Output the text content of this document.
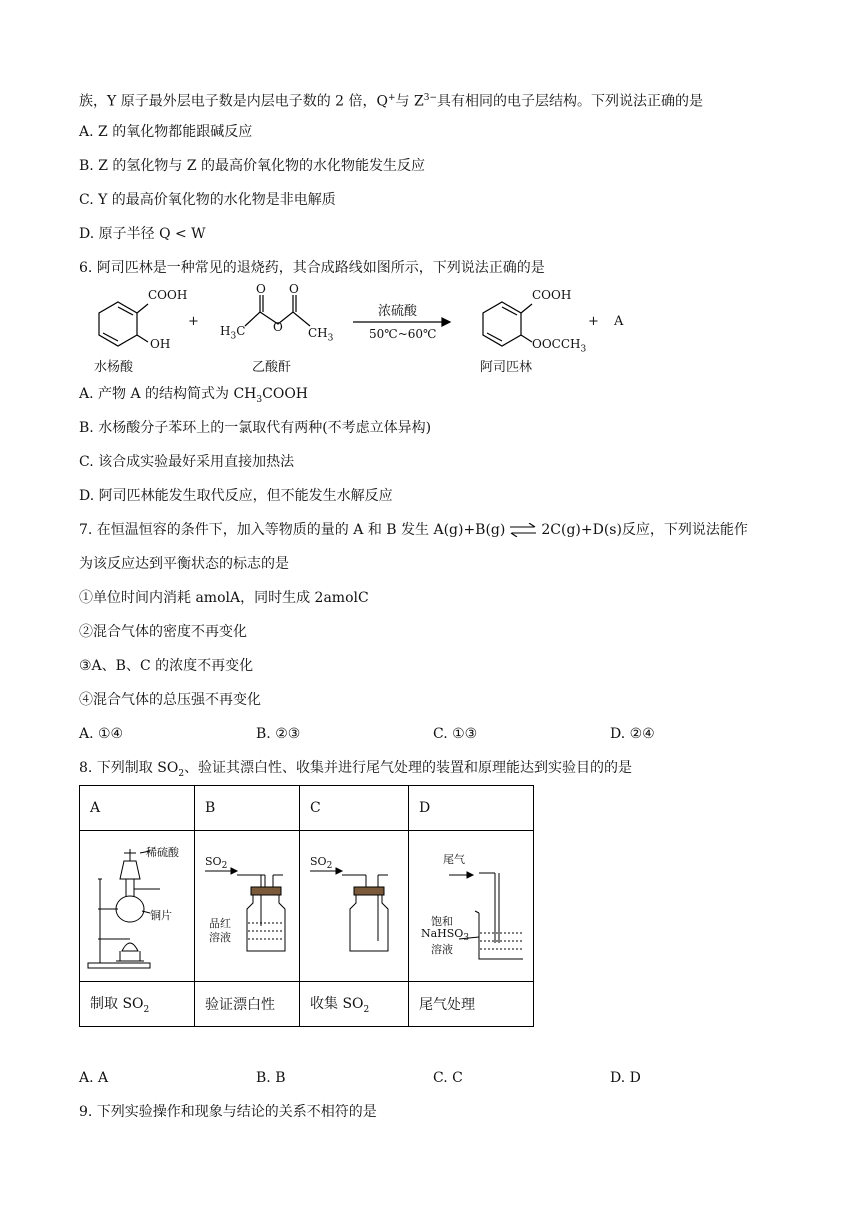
族，Y 原子最外层电子数是内层电子数的 2 倍，Q+与 $Z^{3-}$具有相同的电子层结构。下列说法正确的是
A. Z 的氧化物都能跟碱反应
B. Z 的氢化物与 Z 的最高价氧化物的水化物能发生反应
C. Y 的最高价氧化物的水化物是非电解质
D. 原子半径 Q < W
6. 阿司匹林是一种常见的退烧药，其合成路线如图所示，下列说法正确的是
COOH
OH
水杨酸
+
O O
O
$H_3C$	$CH_3$
乙酸酐
浓硫酸
50℃~60℃
COOH
$OOCCH_3$
阿司匹林
+ A
A. 产物 A 的结构简式为 $CH_3COOH$
B. 水杨酸分子苯环上的一氯取代有两种(不考虑立体异构)
C. 该合成实验最好采用直接加热法
D. 阿司匹林能发生取代反应，但不能发生水解反应
7. 在恒温恒容的条件下，加入等物质的量的 A 和 B 发生 A(g)+B(g) ⇌ 2C(g)+D(s)反应，下列说法能作
为该反应达到平衡状态的标志的是
①单位时间内消耗 amolA，同时生成 2amolC
②混合气体的密度不再变化
③A、B、C 的浓度不再变化
④混合气体的总压强不再变化
A. ①④	B. ②③	C. ①③	D. ②④
8. 下列制取 $SO_2$、验证其漂白性、收集并进行尾气处理的装置和原理能达到实验目的的是
A	B	C	D

稀硫酸
铜片	$SO_2$
品红
溶液	$SO_2$	尾气
饱和
NaHSO$_3$
溶液

制取 $SO_2$	验证漂白性	收集 $SO_2$	尾气处理
A. A	B. B	C. C	D. D
9. 下列实验操作和现象与结论的关系不相符的是
